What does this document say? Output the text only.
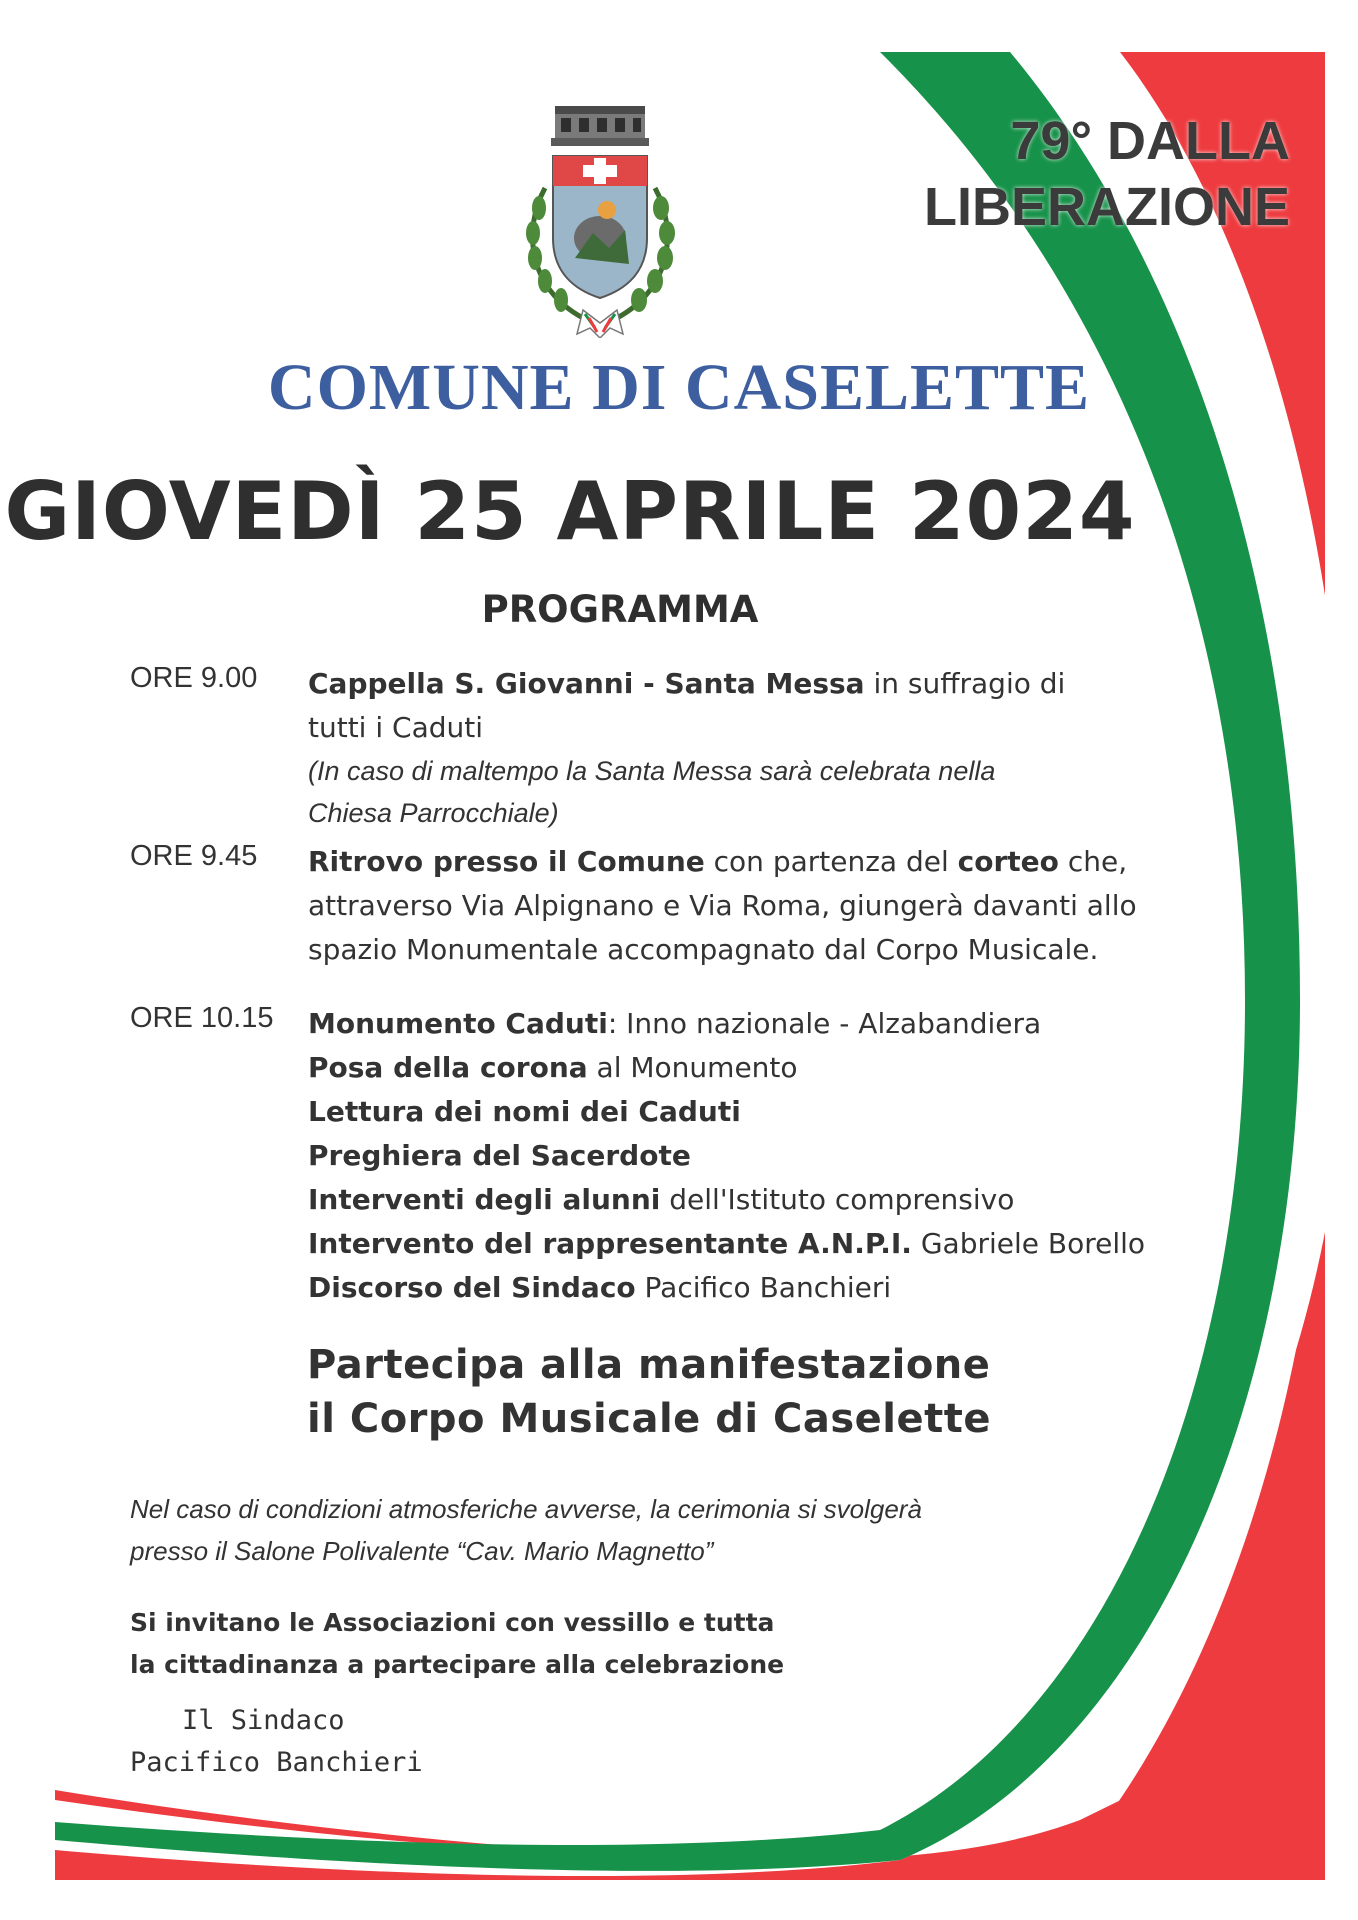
79° DALLA
LIBERAZIONE
COMUNE DI CASELETTE
GIOVEDÌ 25 APRILE 2024
PROGRAMMA
ORE 9.00 Cappella S. Giovanni - Santa Messa in suffragio di
tutti i Caduti
(In caso di maltempo la Santa Messa sarà celebrata nella
Chiesa Parrocchiale)
ORE 9.45 Ritrovo presso il Comune con partenza del corteo che,
attraverso Via Alpignano e Via Roma, giungerà davanti allo
spazio Monumentale accompagnato dal Corpo Musicale.
ORE 10.15 Monumento Caduti: Inno nazionale - Alzabandiera
Posa della corona al Monumento
Lettura dei nomi dei Caduti
Preghiera del Sacerdote
Interventi degli alunni dell'Istituto comprensivo
Intervento del rappresentante A.N.P.I. Gabriele Borello
Discorso del Sindaco Pacifico Banchieri
Partecipa alla manifestazione
il Corpo Musicale di Caselette
Nel caso di condizioni atmosferiche avverse, la cerimonia si svolgerà
presso il Salone Polivalente “Cav. Mario Magnetto”
Si invitano le Associazioni con vessillo e tutta
la cittadinanza a partecipare alla celebrazione
Il Sindaco
Pacifico Banchieri
